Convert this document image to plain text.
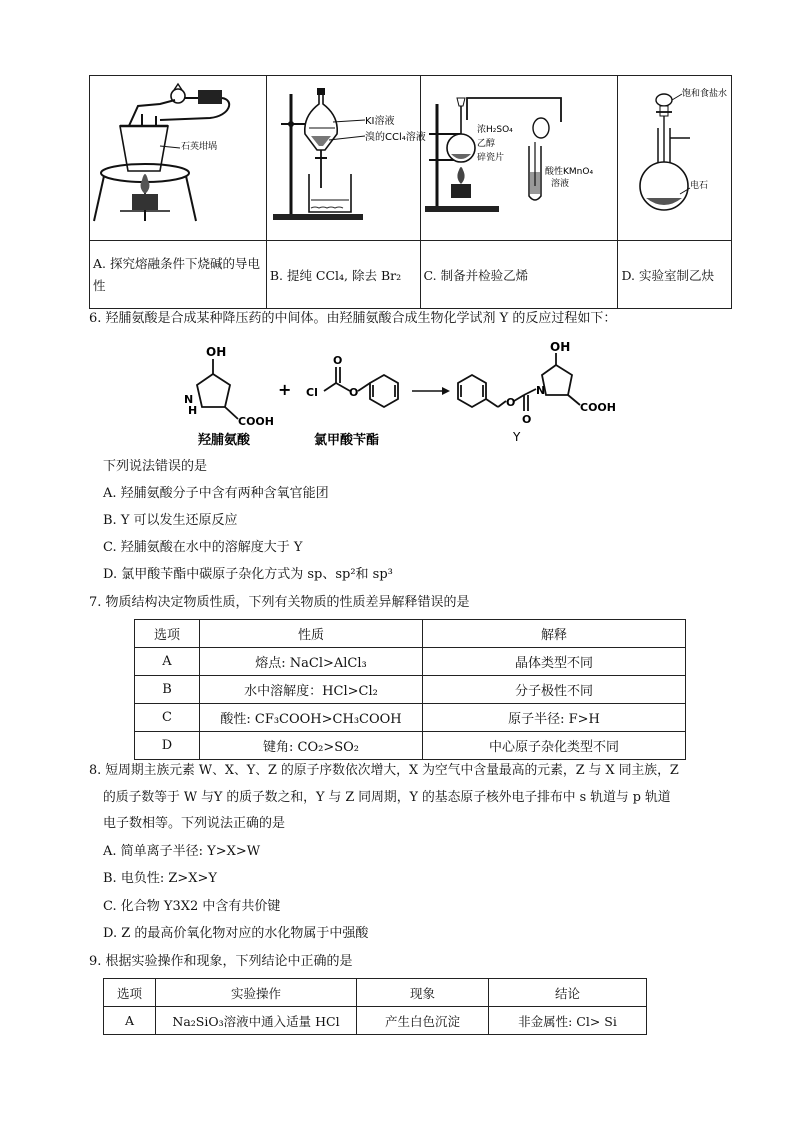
石英坩埚	KI溶液
溴的CCl₄溶液	浓H₂SO₄
乙醇
碎瓷片
酸性KMnO₄
溶液	饱和食盐水
电石

A. 探究熔融条件下烧碱的导电性	B. 提纯 CCl₄, 除去 Br₂	C. 制备并检验乙烯	D. 实验室制乙炔
6. 羟脯氨酸是合成某种降压药的中间体。由羟脯氨酸合成生物化学试剂 Y 的反应过程如下：
OH
N
H
COOH
羟脯氨酸
+ Cl
O
O
氯甲酸苄酯
O
O
N
OH
COOH
Y
下列说法错误的是
A. 羟脯氨酸分子中含有两种含氧官能团
B. Y 可以发生还原反应
C. 羟脯氨酸在水中的溶解度大于 Y
D. 氯甲酸苄酯中碳原子杂化方式为 sp、sp²和 sp³
7. 物质结构决定物质性质，下列有关物质的性质差异解释错误的是
选项	性质	解释
A	熔点: NaCl>AlCl₃	晶体类型不同
B	水中溶解度：HCl>Cl₂	分子极性不同
C	酸性: CF₃COOH>CH₃COOH	原子半径: F>H
D	键角: CO₂>SO₂	中心原子杂化类型不同
8. 短周期主族元素 W、X、Y、Z 的原子序数依次增大，X 为空气中含量最高的元素，Z 与 X 同主族，Z
的质子数等于 W 与Y 的质子数之和，Y 与 Z 同周期，Y 的基态原子核外电子排布中 s 轨道与 p 轨道
电子数相等。下列说法正确的是
A. 简单离子半径: Y>X>W
B. 电负性: Z>X>Y
C. 化合物 Y3X2 中含有共价键
D. Z 的最高价氧化物对应的水化物属于中强酸
9. 根据实验操作和现象，下列结论中正确的是
选项	实验操作	现象	结论
A	Na₂SiO₃溶液中通入适量 HCl	产生白色沉淀	非金属性: Cl> Si
